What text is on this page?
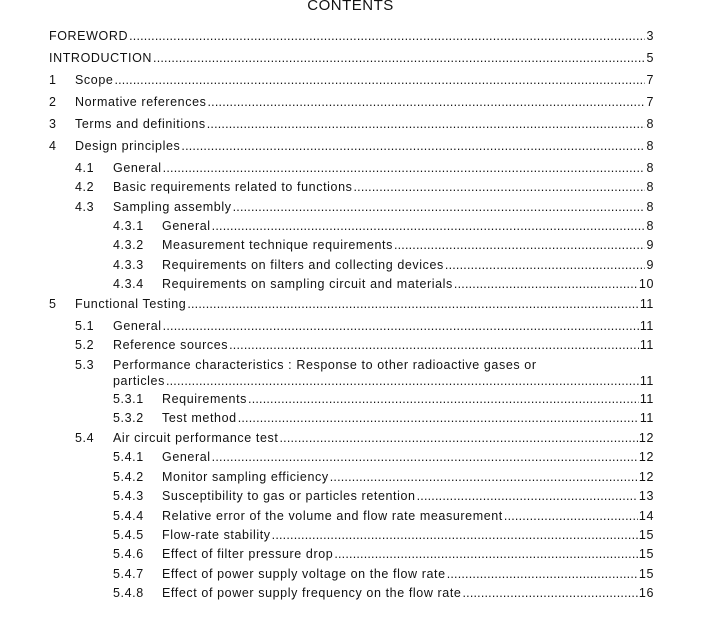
CONTENTS
FOREWORD .....	3
INTRODUCTION .....	5
1 Scope .....	7
2 Normative references .....	7
3 Terms and definitions .....	8
4 Design principles .....	8
4.1 General .....	8
4.2 Basic requirements related to functions .....	8
4.3 Sampling assembly .....	8
4.3.1 General .....	8
4.3.2 Measurement technique requirements .....	9
4.3.3 Requirements on filters and collecting devices .....	9
4.3.4 Requirements on sampling circuit and materials .....	10
5 Functional Testing .....	11
5.1 General .....	11
5.2 Reference sources .....	11
5.3 Performance characteristics : Response to other radioactive gases or
particles .....	11
5.3.1 Requirements .....	11
5.3.2 Test method .....	11
5.4 Air circuit performance test .....	12
5.4.1 General .....	12
5.4.2 Monitor sampling efficiency .....	12
5.4.3 Susceptibility to gas or particles retention .....	13
5.4.4 Relative error of the volume and flow rate measurement .....	14
5.4.5 Flow-rate stability .....	15
5.4.6 Effect of filter pressure drop .....	15
5.4.7 Effect of power supply voltage on the flow rate .....	15
5.4.8 Effect of power supply frequency on the flow rate .....	16
